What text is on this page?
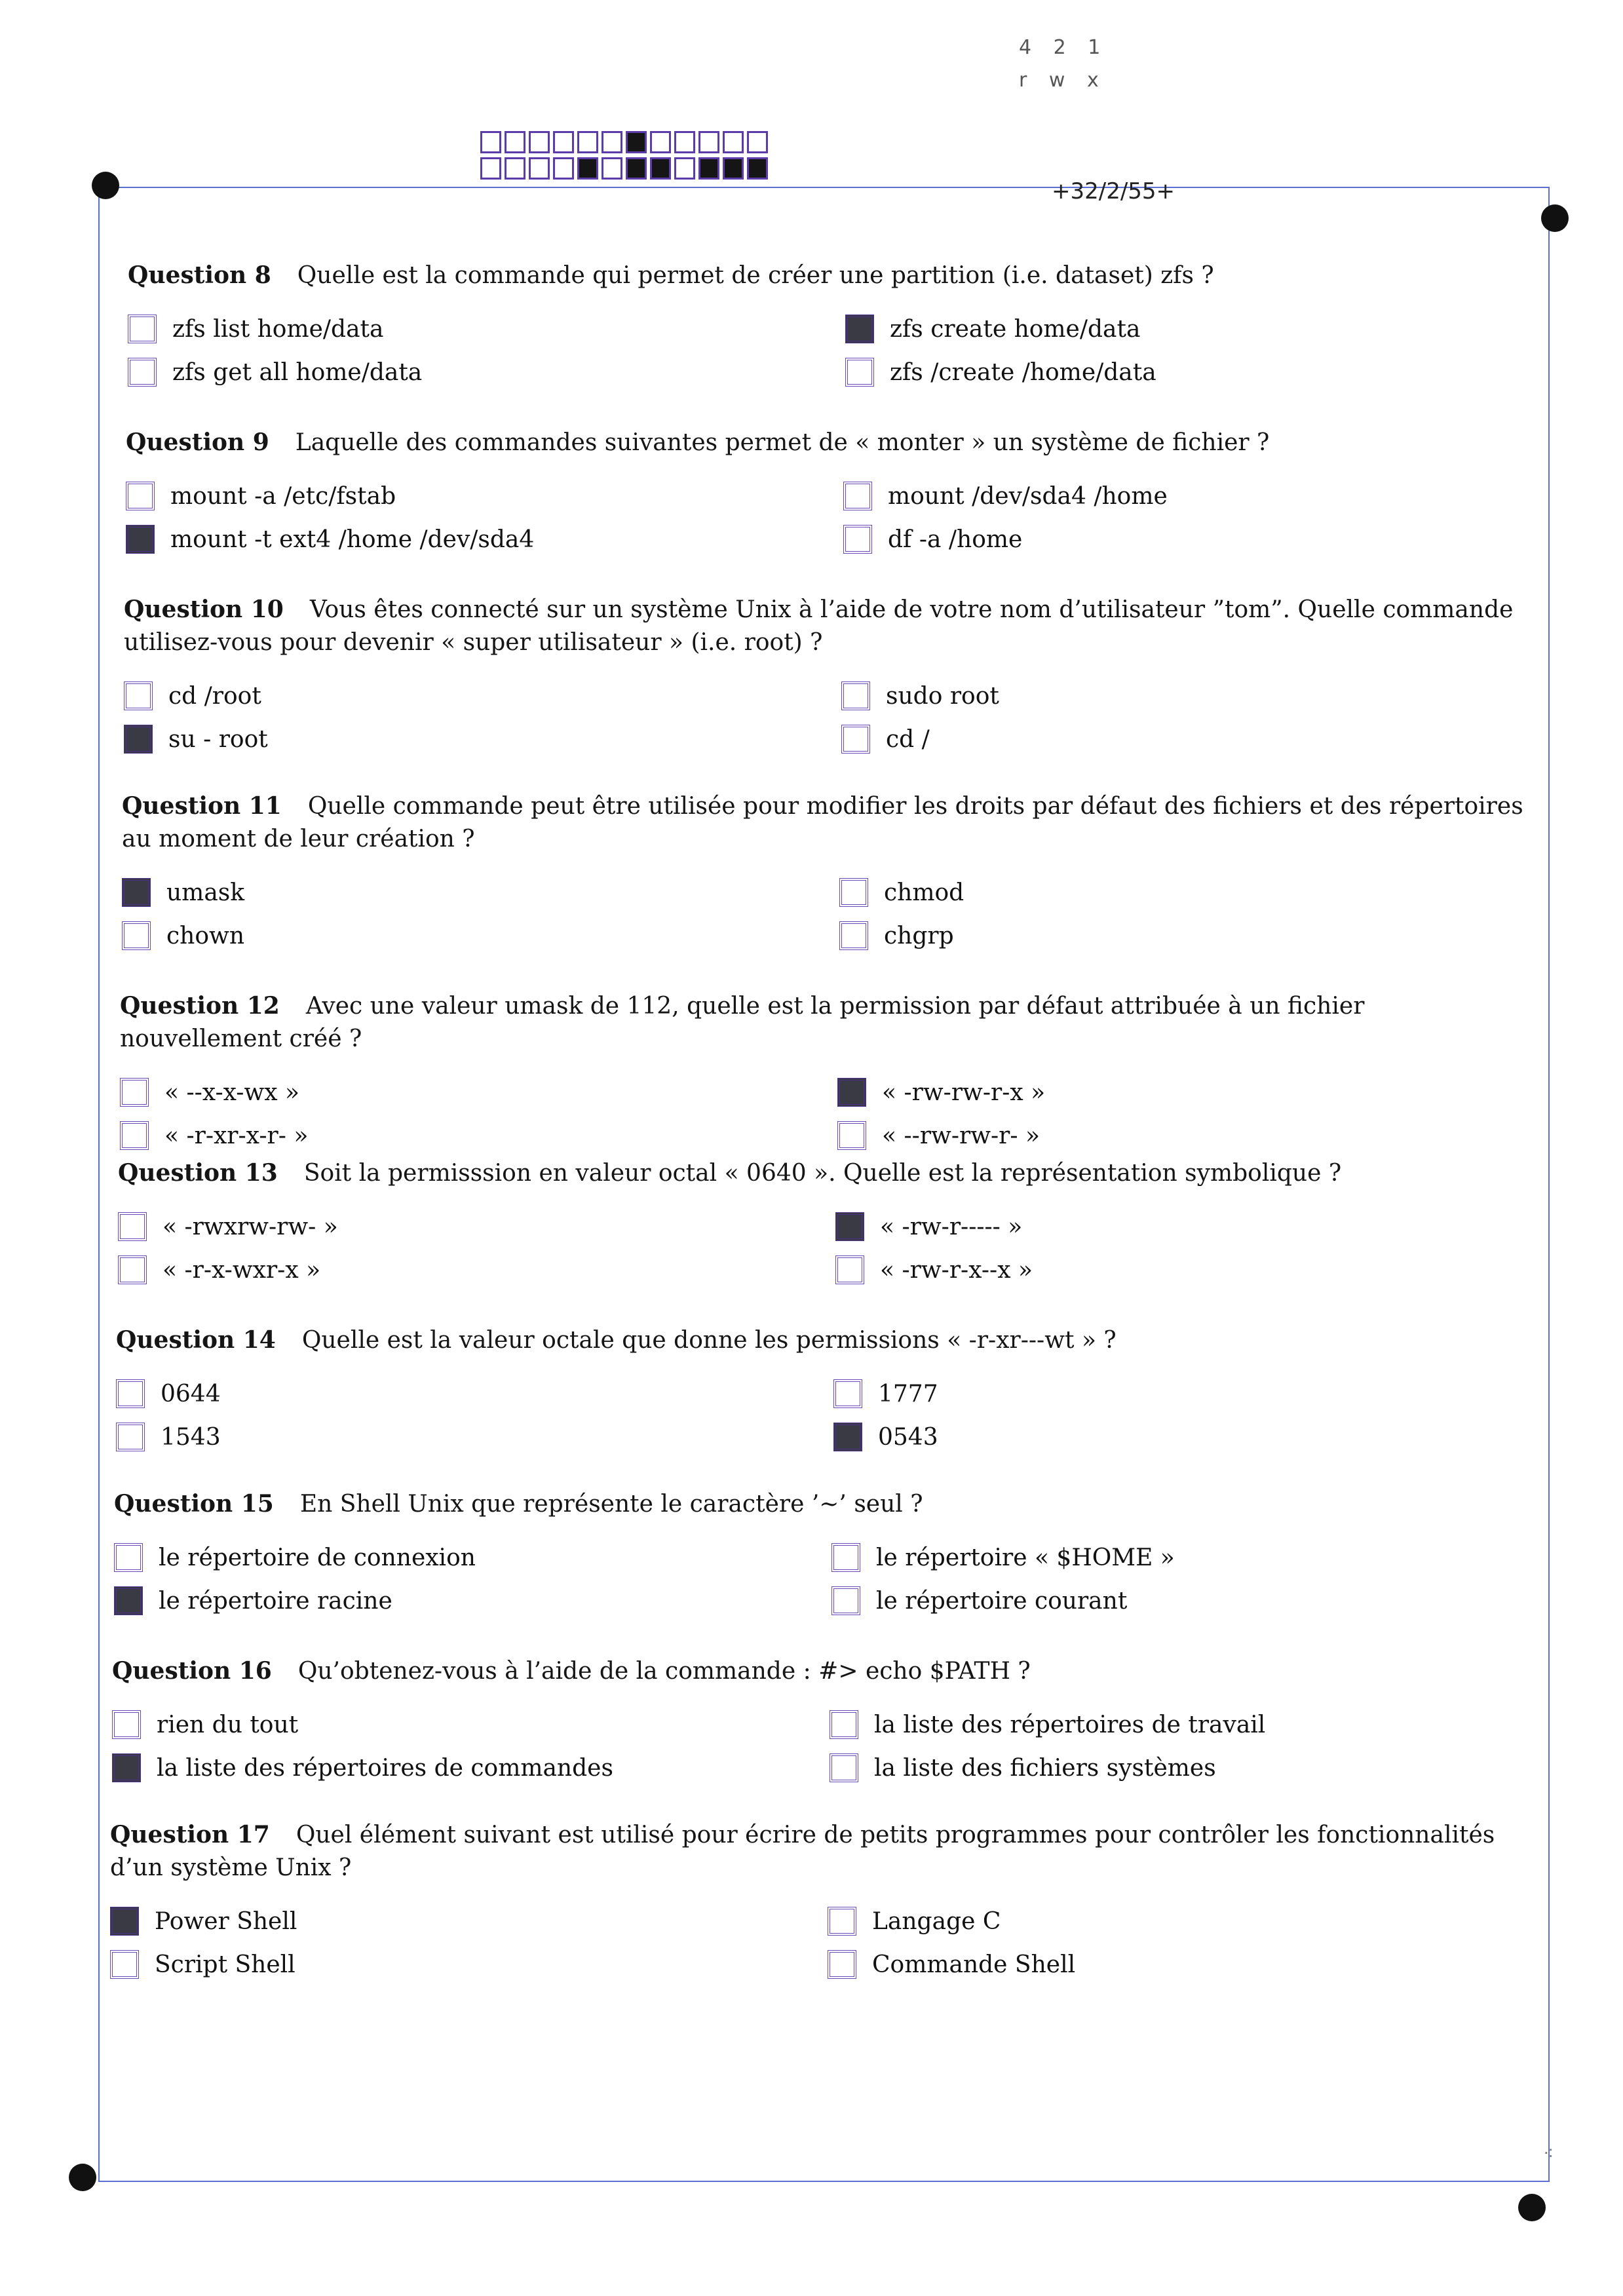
4 2 1
r w x
+32/2/55+
Question 8 Quelle est la commande qui permet de créer une partition (i.e. dataset) zfs ?
zfs list home/data	zfs create home/data
zfs get all home/data	zfs /create /home/data
Question 9 Laquelle des commandes suivantes permet de « monter » un système de fichier ?
mount -a /etc/fstab	mount /dev/sda4 /home
mount -t ext4 /home /dev/sda4	df -a /home
Question 10 Vous êtes connecté sur un système Unix à l’aide de votre nom d’utilisateur ”tom”. Quelle commande utilisez-vous pour devenir « super utilisateur » (i.e. root) ?
cd /root	sudo root
su - root	cd /
Question 11 Quelle commande peut être utilisée pour modifier les droits par défaut des fichiers et des répertoires au moment de leur création ?
umask	chmod
chown	chgrp
Question 12 Avec une valeur umask de 112, quelle est la permission par défaut attribuée à un fichier nouvellement créé ?
« --x-x-wx »	« -rw-rw-r-x »
« -r-xr-x-r- »	« --rw-rw-r- »
Question 13 Soit la permisssion en valeur octal « 0640 ». Quelle est la représentation symbolique ?
« -rwxrw-rw- »	« -rw-r----- »
« -r-x-wxr-x »	« -rw-r-x--x »
Question 14 Quelle est la valeur octale que donne les permissions « -r-xr---wt » ?
0644	1777
1543	0543
Question 15 En Shell Unix que représente le caractère ’∼’ seul ?
le répertoire de connexion	le répertoire « $HOME »
le répertoire racine	le répertoire courant
Question 16 Qu’obtenez-vous à l’aide de la commande : #> echo $PATH ?
rien du tout	la liste des répertoires de travail
la liste des répertoires de commandes	la liste des fichiers systèmes
Question 17 Quel élément suivant est utilisé pour écrire de petits programmes pour contrôler les fonctionnalités d’un système Unix ?
Power Shell	Langage C
Script Shell	Commande Shell
⁖
